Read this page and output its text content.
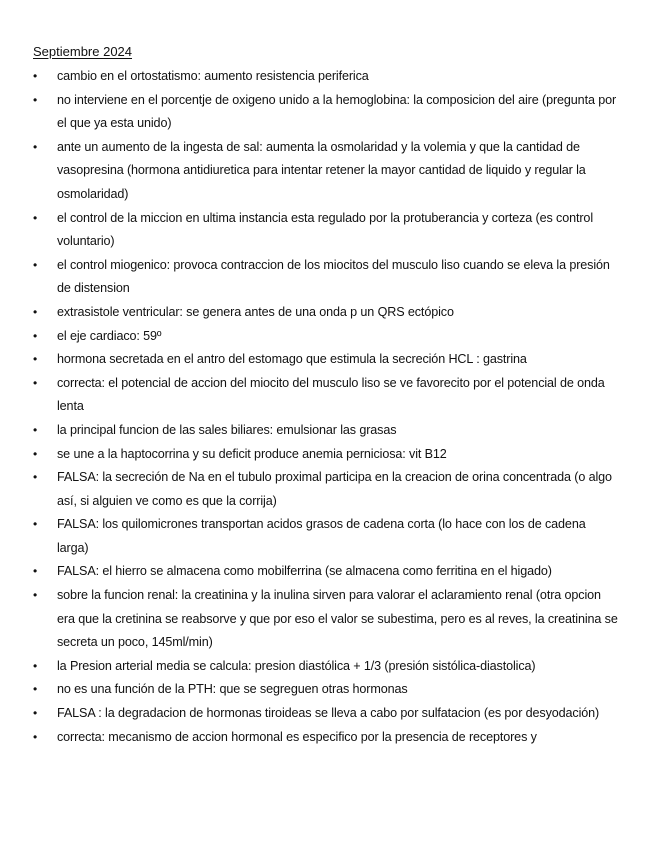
Septiembre 2024
• cambio en el ortostatismo: aumento resistencia periferica
• no interviene en el porcentje de oxigeno unido a la hemoglobina: la composicion del aire (pregunta por el que ya esta unido)
• ante un aumento de la ingesta de sal: aumenta la osmolaridad y la volemia y que la cantidad de vasopresina (hormona antidiuretica para intentar retener la mayor cantidad de liquido y regular la osmolaridad)
• el control de la miccion en ultima instancia esta regulado por la protuberancia y corteza (es control voluntario)
• el control miogenico: provoca contraccion de los miocitos del musculo liso cuando se eleva la presión de distension
• extrasistole ventricular: se genera antes de una onda p un QRS ectópico
• el eje cardiaco: 59º
• hormona secretada en el antro del estomago que estimula la secreción HCL : gastrina
• correcta: el potencial de accion del miocito del musculo liso se ve favorecito por el potencial de onda lenta
• la principal funcion de las sales biliares: emulsionar las grasas
• se une a la haptocorrina y su deficit produce anemia perniciosa: vit B12
• FALSA: la secreción de Na en el tubulo proximal participa en la creacion de orina concentrada (o algo así, si alguien ve como es que la corrija)
• FALSA: los quilomicrones transportan acidos grasos de cadena corta (lo hace con los de cadena larga)
• FALSA: el hierro se almacena como mobilferrina (se almacena como ferritina en el higado)
• sobre la funcion renal: la creatinina y la inulina sirven para valorar el aclaramiento renal (otra opcion era que la cretinina se reabsorve y que por eso el valor se subestima, pero es al reves, la creatinina se secreta un poco, 145ml/min)
• la Presion arterial media se calcula: presion diastólica + 1/3 (presión sistólica-diastolica)
• no es una función de la PTH: que se segreguen otras hormonas
• FALSA : la degradacion de hormonas tiroideas se lleva a cabo por sulfatacion (es por desyodación)
• correcta: mecanismo de accion hormonal es especifico por la presencia de receptores y
